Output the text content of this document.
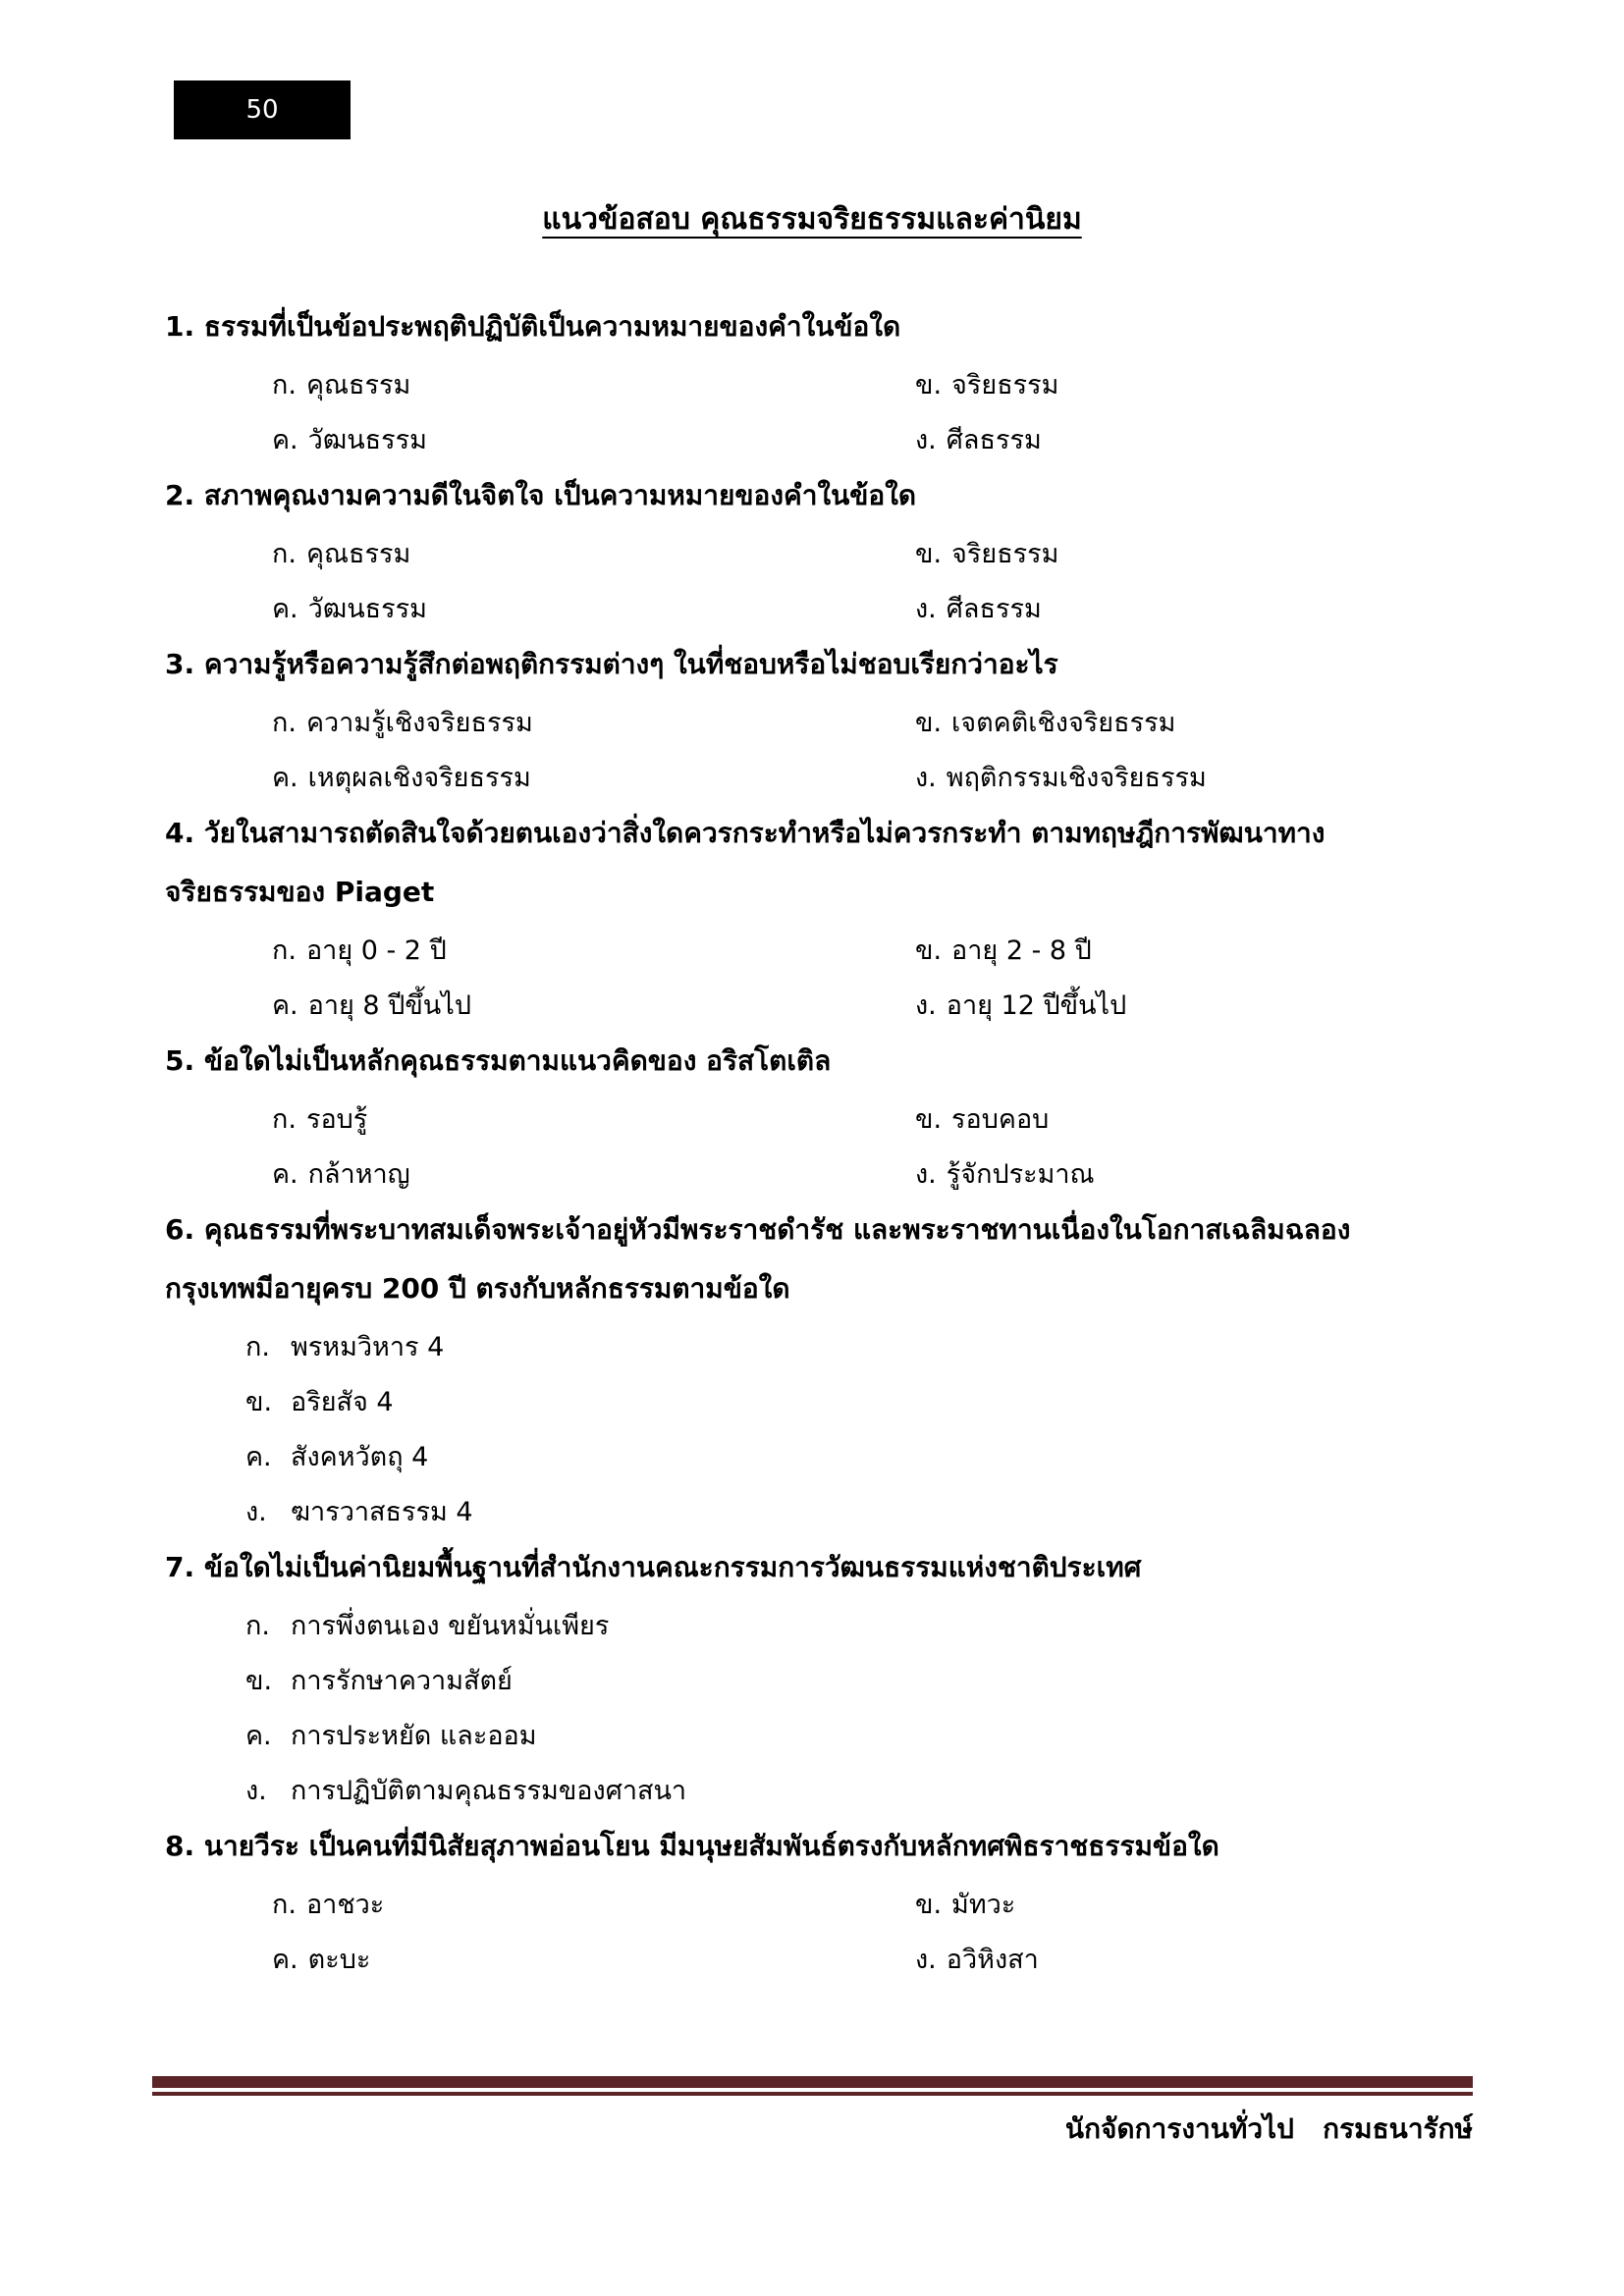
50
แนวข้อสอบ คุณธรรมจริยธรรมและค่านิยม

1. ธรรมที่เป็นข้อประพฤติปฏิบัติเป็นความหมายของคำในข้อใด

ก. คุณธรรม	ข. จริยธรรม
ค. วัฒนธรรม	ง. ศีลธรรม

2. สภาพคุณงามความดีในจิตใจ เป็นความหมายของคำในข้อใด

ก. คุณธรรม	ข. จริยธรรม
ค. วัฒนธรรม	ง. ศีลธรรม

3. ความรู้หรือความรู้สึกต่อพฤติกรรมต่างๆ ในที่ชอบหรือไม่ชอบเรียกว่าอะไร

ก. ความรู้เชิงจริยธรรม	ข. เจตคติเชิงจริยธรรม
ค. เหตุผลเชิงจริยธรรม	ง. พฤติกรรมเชิงจริยธรรม

4. วัยในสามารถตัดสินใจด้วยตนเองว่าสิ่งใดควรกระทำหรือไม่ควรกระทำ ตามทฤษฎีการพัฒนาทาง

จริยธรรมของ Piaget

ก. อายุ 0 - 2 ปี	ข. อายุ 2 - 8 ปี
ค. อายุ 8 ปีขึ้นไป	ง. อายุ 12 ปีขึ้นไป

5. ข้อใดไม่เป็นหลักคุณธรรมตามแนวคิดของ อริสโตเติล

ก. รอบรู้	ข. รอบคอบ
ค. กล้าหาญ	ง. รู้จักประมาณ

6. คุณธรรมที่พระบาทสมเด็จพระเจ้าอยู่หัวมีพระราชดำรัช และพระราชทานเนื่องในโอกาสเฉลิมฉลอง

กรุงเทพมีอายุครบ 200 ปี ตรงกับหลักธรรมตามข้อใด

ก. พรหมวิหาร 4
ข. อริยสัจ 4
ค. สังคหวัตถุ 4
ง. ฆารวาสธรรม 4

7. ข้อใดไม่เป็นค่านิยมพื้นฐานที่สำนักงานคณะกรรมการวัฒนธรรมแห่งชาติประเทศ

ก. การพึ่งตนเอง ขยันหมั่นเพียร
ข. การรักษาความสัตย์
ค. การประหยัด และออม
ง. การปฏิบัติตามคุณธรรมของศาสนา

8. นายวีระ เป็นคนที่มีนิสัยสุภาพอ่อนโยน มีมนุษยสัมพันธ์ตรงกับหลักทศพิธราชธรรมข้อใด

ก. อาชวะ	ข. มัทวะ
ค. ตะบะ	ง. อวิหิงสา

นักจัดการงานทั่วไป   กรมธนารักษ์
